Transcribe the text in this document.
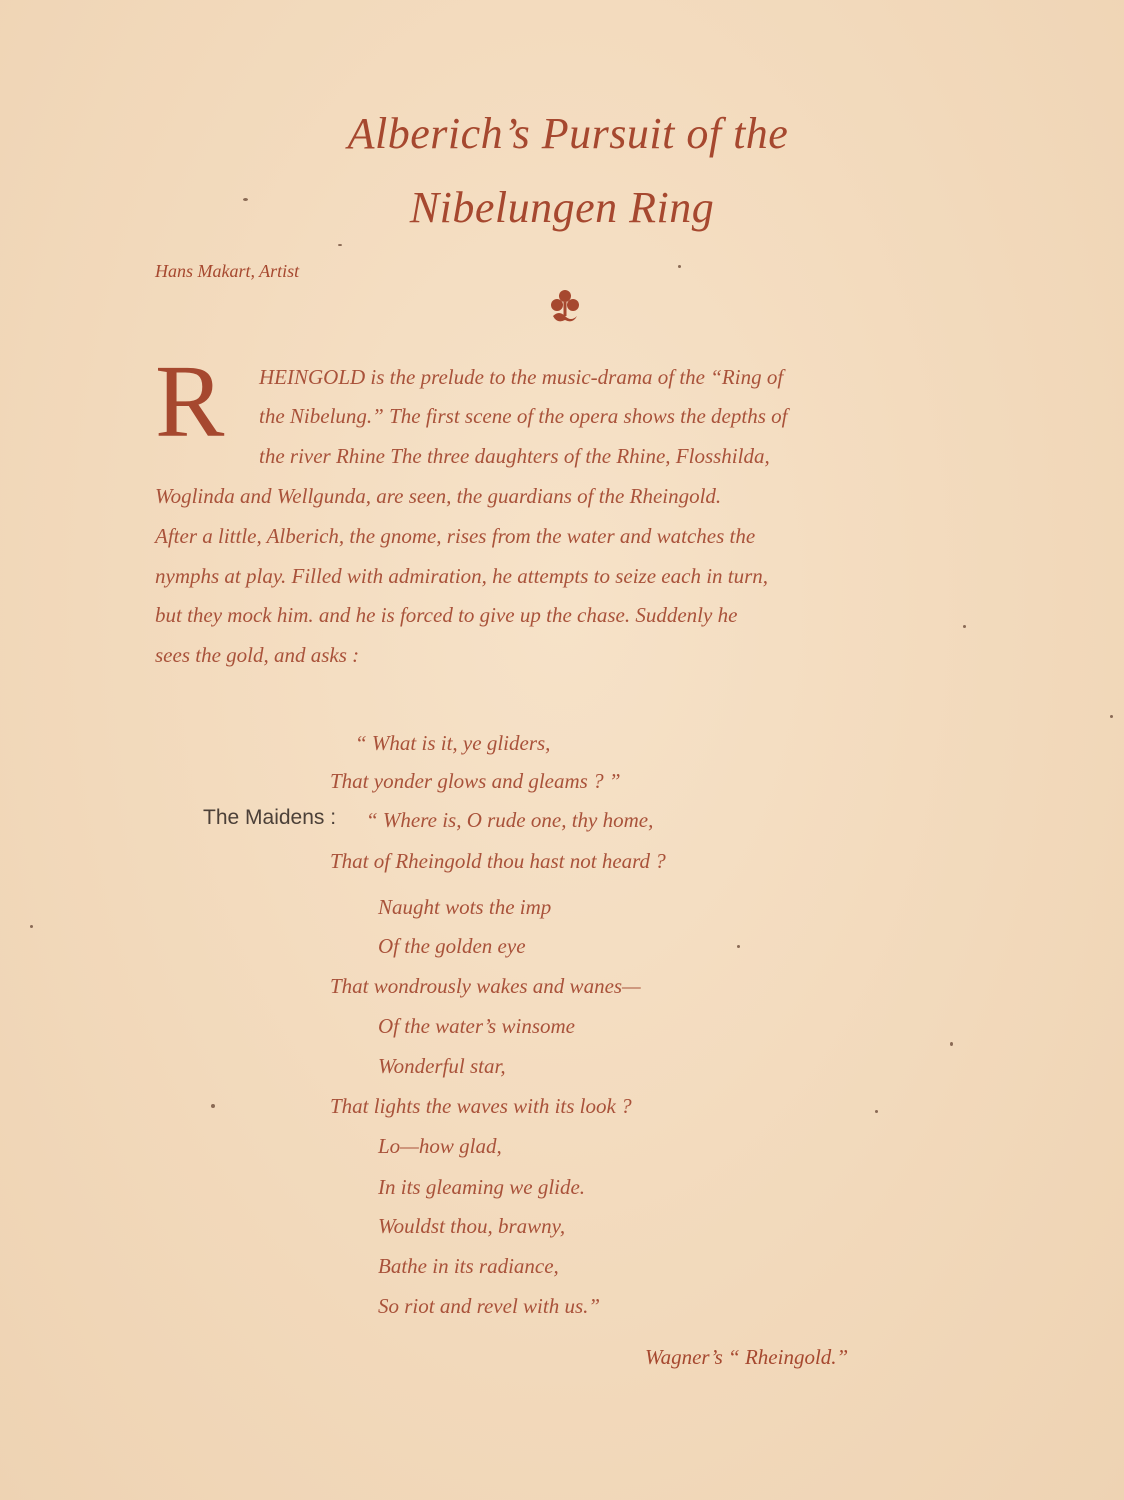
Alberich’s Pursuit of the
Nibelungen Ring
Hans Makart, Artist
R HEINGOLD is the prelude to the music-drama of the “Ring of
the Nibelung.” The first scene of the opera shows the depths of
the river Rhine The three daughters of the Rhine, Flosshilda,
Woglinda and Wellgunda, are seen, the guardians of the Rheingold.
After a little, Alberich, the gnome, rises from the water and watches the
nymphs at play. Filled with admiration, he attempts to seize each in turn,
but they mock him. and he is forced to give up the chase. Suddenly he
sees the gold, and asks :
“ What is it, ye gliders,
That yonder glows and gleams ? ”
The Maidens : “ Where is, O rude one, thy home,
That of Rheingold thou hast not heard ?
Naught wots the imp
Of the golden eye
That wondrously wakes and wanes—
Of the water’s winsome
Wonderful star,
That lights the waves with its look ?
Lo—how glad,
In its gleaming we glide.
Wouldst thou, brawny,
Bathe in its radiance,
So riot and revel with us.”
Wagner’s “ Rheingold.”
